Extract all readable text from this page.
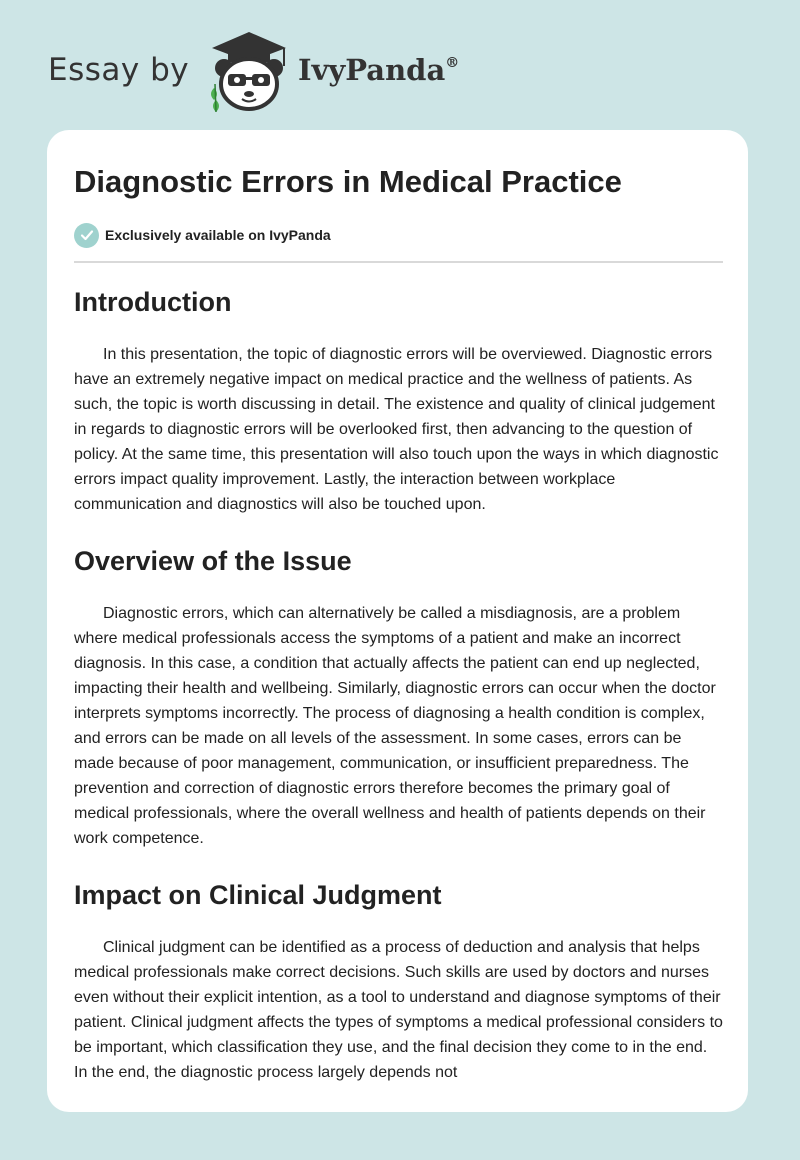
Essay by	IvyPanda®
Diagnostic Errors in Medical Practice
Exclusively available on IvyPanda
Introduction

In this presentation, the topic of diagnostic errors will be overviewed. Diagnostic errors have an extremely negative impact on medical practice and the wellness of patients. As such, the topic is worth discussing in detail. The existence and quality of clinical judgement in regards to diagnostic errors will be overlooked first, then advancing to the question of policy. At the same time, this presentation will also touch upon the ways in which diagnostic errors impact quality improvement. Lastly, the interaction between workplace communication and diagnostics will also be touched upon.

Overview of the Issue

Diagnostic errors, which can alternatively be called a misdiagnosis, are a problem where medical professionals access the symptoms of a patient and make an incorrect diagnosis. In this case, a condition that actually affects the patient can end up neglected, impacting their health and wellbeing. Similarly, diagnostic errors can occur when the doctor interprets symptoms incorrectly. The process of diagnosing a health condition is complex, and errors can be made on all levels of the assessment. In some cases, errors can be made because of poor management, communication, or insufficient preparedness. The prevention and correction of diagnostic errors therefore becomes the primary goal of medical professionals, where the overall wellness and health of patients depends on their work competence.

Impact on Clinical Judgment

Clinical judgment can be identified as a process of deduction and analysis that helps medical professionals make correct decisions. Such skills are used by doctors and nurses even without their explicit intention, as a tool to understand and diagnose symptoms of their patient. Clinical judgment affects the types of symptoms a medical professional considers to be important, which classification they use, and the final decision they come to in the end. In the end, the diagnostic process largely depends not
